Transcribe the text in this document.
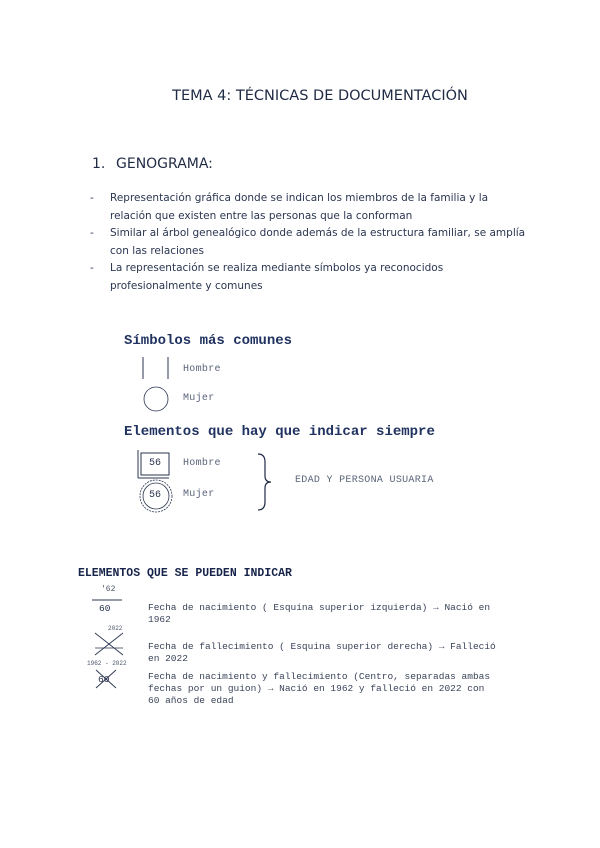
TEMA 4: TÉCNICAS DE DOCUMENTACIÓN
1. GENOGRAMA:
- Representación gráfica donde se indican los miembros de la familia y la relación que existen entre las personas que la conforman
- Similar al árbol genealógico donde además de la estructura familiar, se amplía con las relaciones
- La representación se realiza mediante símbolos ya reconocidos profesionalmente y comunes
Símbolos más comunes
Hombre
Mujer
Elementos que hay que indicar siempre
56
56
Hombre
Mujer
EDAD Y PERSONA USUARIA
ELEMENTOS QUE SE PUEDEN INDICAR
'62
60	Fecha de nacimiento ( Esquina superior izquierda) → Nació en 1962
2022
Fecha de fallecimiento ( Esquina superior derecha) → Falleció en 2022
1962 - 2022
60	Fecha de nacimiento y fallecimiento (Centro, separadas ambas fechas por un guion) → Nació en 1962 y falleció en 2022 con 60 años de edad
